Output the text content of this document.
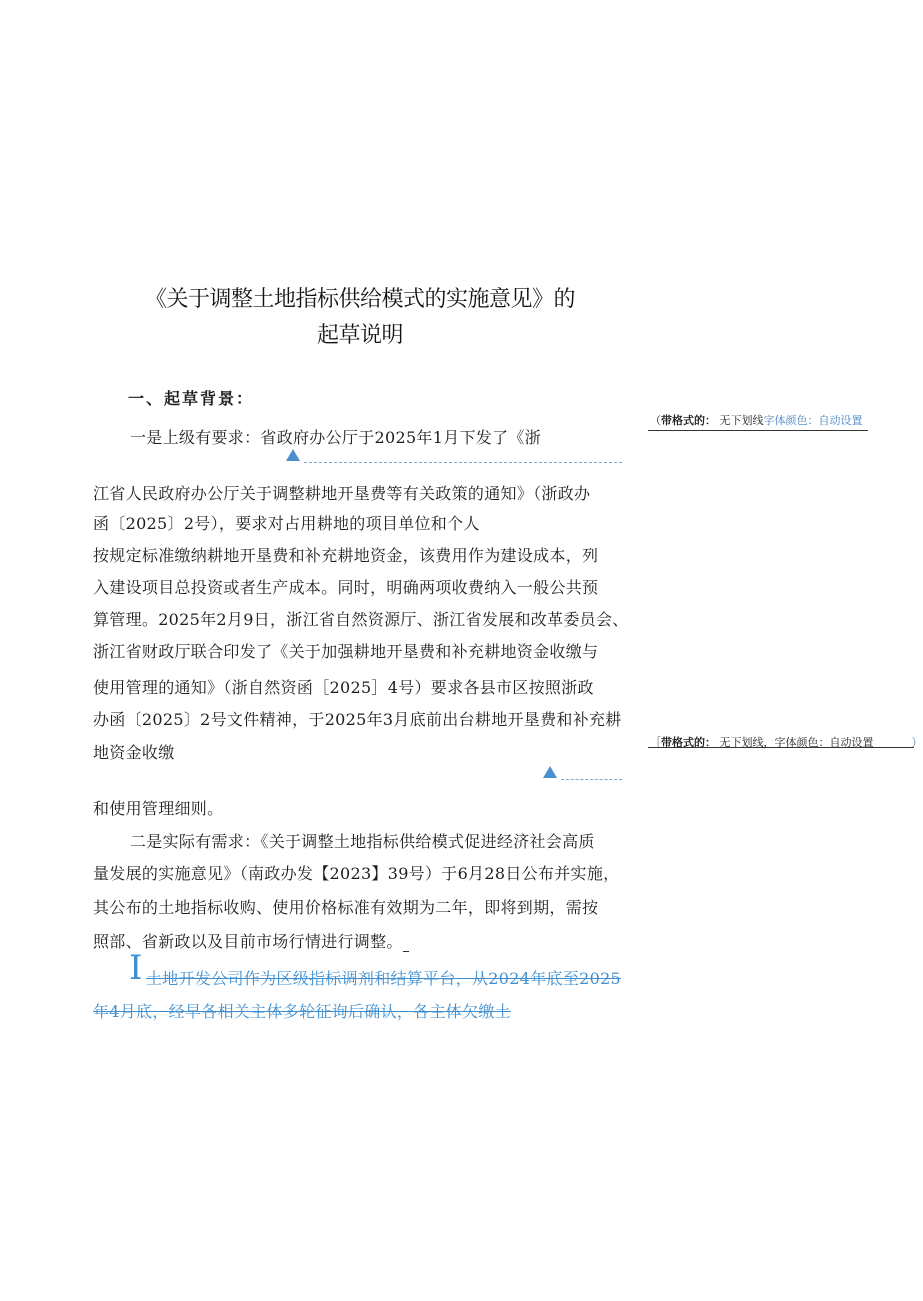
《关于调整土地指标供给模式的实施意见》的
起草说明
一、起草背景：
一是上级有要求：省政府办公厅于2025年1月下发了《浙
江省人民政府办公厅关于调整耕地开垦费等有关政策的通知》（浙政办
函〔2025〕2号），要求对占用耕地的项目单位和个人
按规定标准缴纳耕地开垦费和补充耕地资金，该费用作为建设成本，列
入建设项目总投资或者生产成本。同时，明确两项收费纳入一般公共预
算管理。2025年2月9日，浙江省自然资源厅、浙江省发展和改革委员会、
浙江省财政厅联合印发了《关于加强耕地开垦费和补充耕地资金收缴与
使用管理的通知》（浙自然资函［2025］4号）要求各县市区按照浙政
办函〔2025〕2号文件精神，于2025年3月底前出台耕地开垦费和补充耕
地资金收缴
和使用管理细则。
二是实际有需求：《关于调整土地指标供给模式促进经济社会高质
量发展的实施意见》（南政办发【2023】39号）于6月28日公布并实施，
其公布的土地指标收购、使用价格标准有效期为二年，即将到期，需按
照部、省新政以及目前市场行情进行调整。
I 土地开发公司作为区级指标调剂和结算平台，从2024年底至2025
年4月底，经早各相关主体多轮征询后确认，各主体欠缴土
（带格式的： 无下划线字体颜色：自动设置
［带格式的： 无下划线，字体颜色：自动设置	）
